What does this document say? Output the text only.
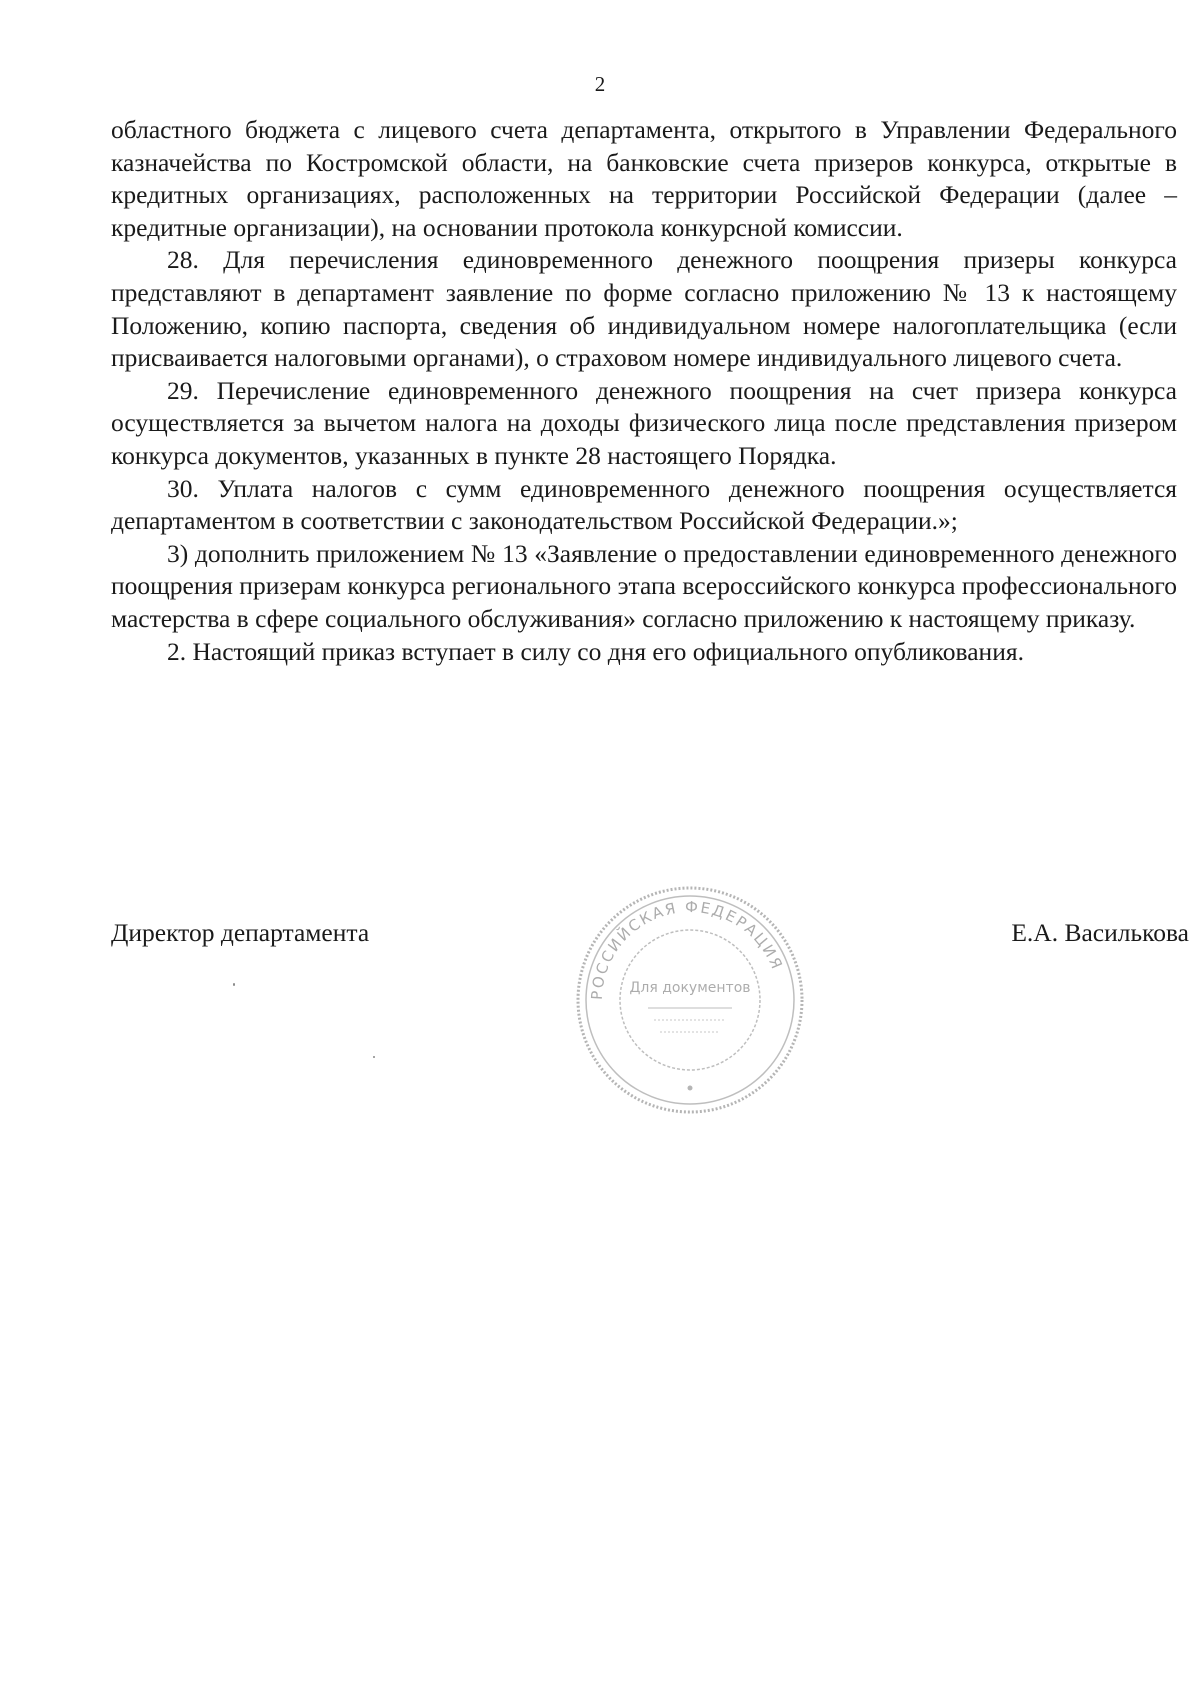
2

областного бюджета с лицевого счета департамента, открытого в Управлении Федерального казначейства по Костромской области, на банковские счета призеров конкурса, открытые в кредитных организациях, расположенных на территории Российской Федерации (далее – кредитные организации), на основании протокола конкурсной комиссии.

28. Для перечисления единовременного денежного поощрения призеры конкурса представляют в департамент заявление по форме согласно приложению № 13 к настоящему Положению, копию паспорта, сведения об индивидуальном номере налогоплательщика (если присваивается налоговыми органами), о страховом номере индивидуального лицевого счета.

29. Перечисление единовременного денежного поощрения на счет призера конкурса осуществляется за вычетом налога на доходы физического лица после представления призером конкурса документов, указанных в пункте 28 настоящего Порядка.

30. Уплата налогов с сумм единовременного денежного поощрения осуществляется департаментом в соответствии с законодательством Российской Федерации.»;

3) дополнить приложением № 13 «Заявление о предоставлении единовременного денежного поощрения призерам конкурса регионального этапа всероссийского конкурса профессионального мастерства в сфере социального обслуживания» согласно приложению к настоящему приказу.

2. Настоящий приказ вступает в силу со дня его официального опубликования.

Директор департамента	Е.А. Василькова
РОССИЙСКАЯ ФЕДЕРАЦИЯ
Для документов
